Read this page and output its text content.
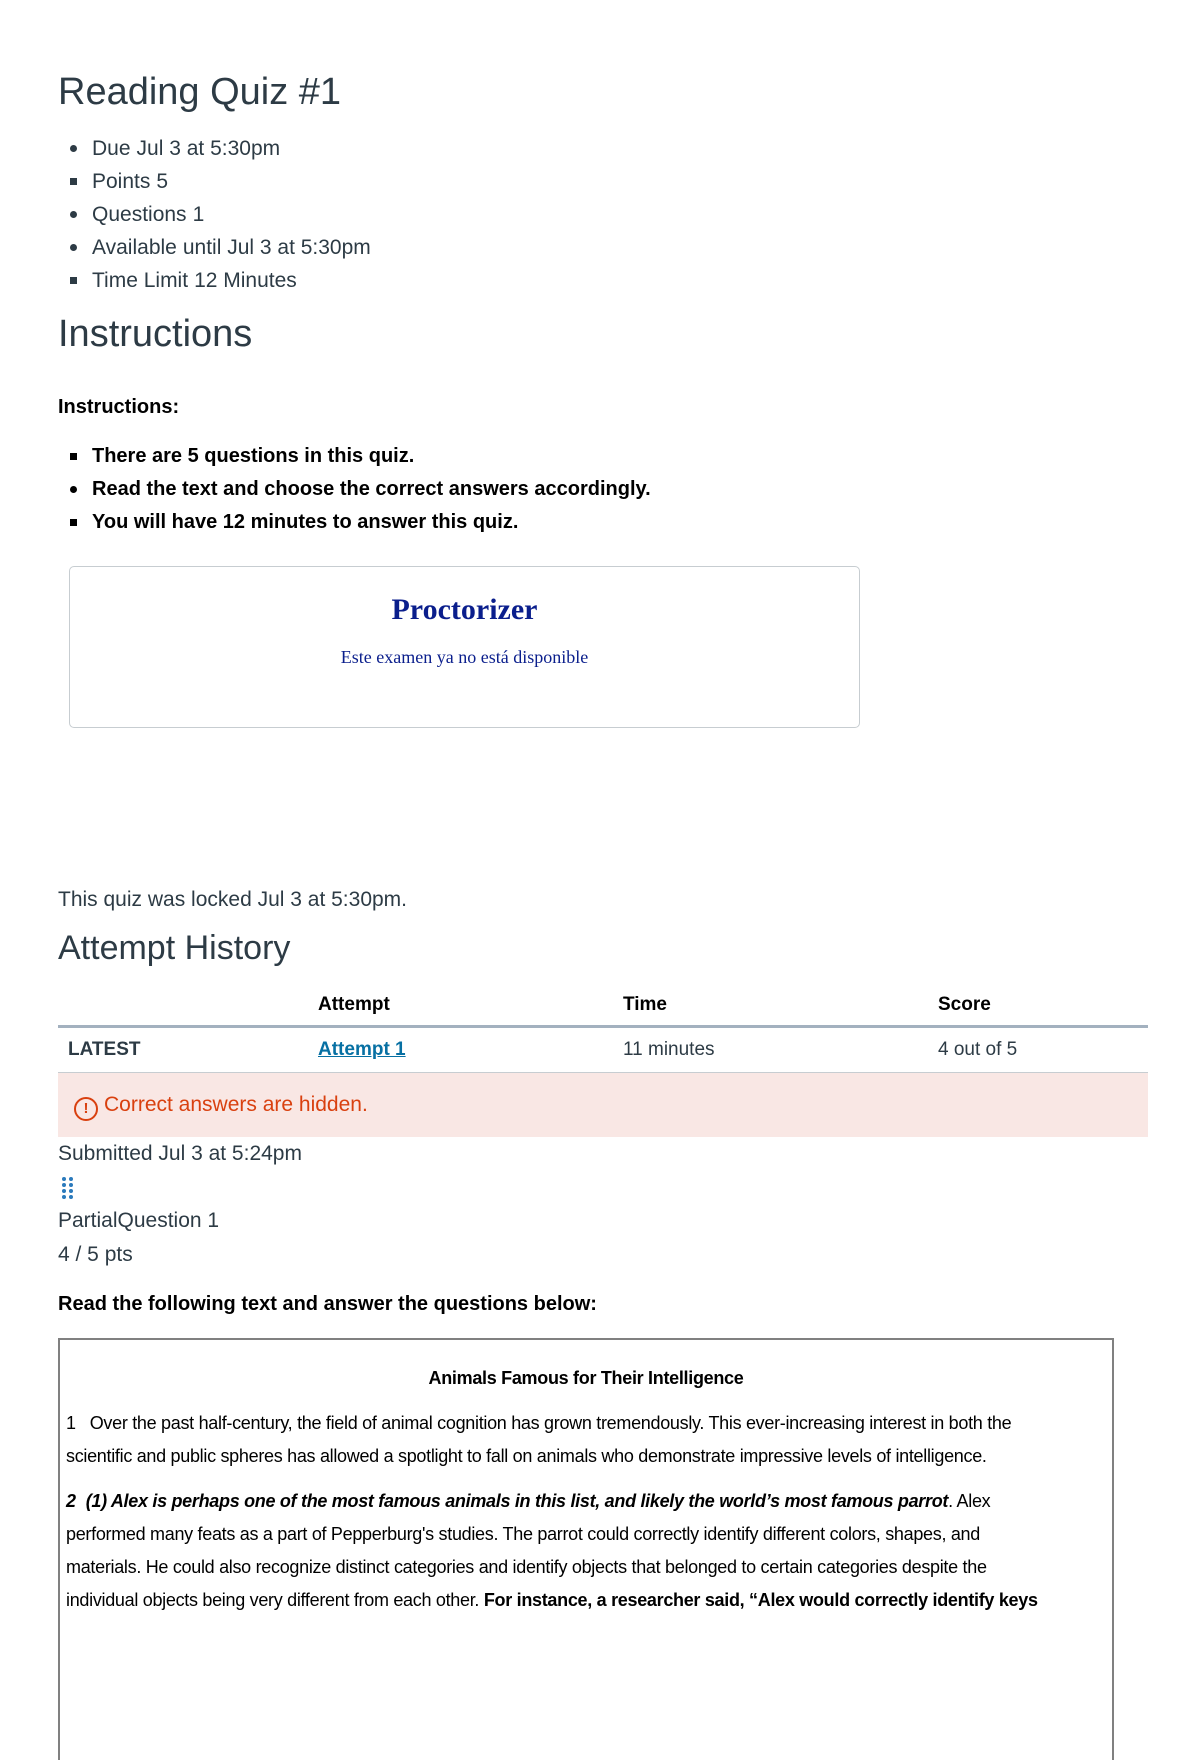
Reading Quiz #1
Due Jul 3 at 5:30pm
Points 5
Questions 1
Available until Jul 3 at 5:30pm
Time Limit 12 Minutes
Instructions
Instructions:
There are 5 questions in this quiz.
Read the text and choose the correct answers accordingly.
You will have 12 minutes to answer this quiz.
Proctorizer
Este examen ya no está disponible
This quiz was locked Jul 3 at 5:30pm.
Attempt History
	Attempt	Time	Score
LATEST	Attempt 1	11 minutes	4 out of 5
! Correct answers are hidden.
Submitted Jul 3 at 5:24pm
PartialQuestion 1
4 / 5 pts
Read the following text and answer the questions below:
Animals Famous for Their Intelligence
1 Over the past half-century, the field of animal cognition has grown tremendously. This ever-increasing interest in both the
scientific and public spheres has allowed a spotlight to fall on animals who demonstrate impressive levels of intelligence.
2 (1) Alex is perhaps one of the most famous animals in this list, and likely the world’s most famous parrot. Alex
performed many feats as a part of Pepperburg's studies. The parrot could correctly identify different colors, shapes, and
materials. He could also recognize distinct categories and identify objects that belonged to certain categories despite the
individual objects being very different from each other. For instance, a researcher said, “Alex would correctly identify keys
